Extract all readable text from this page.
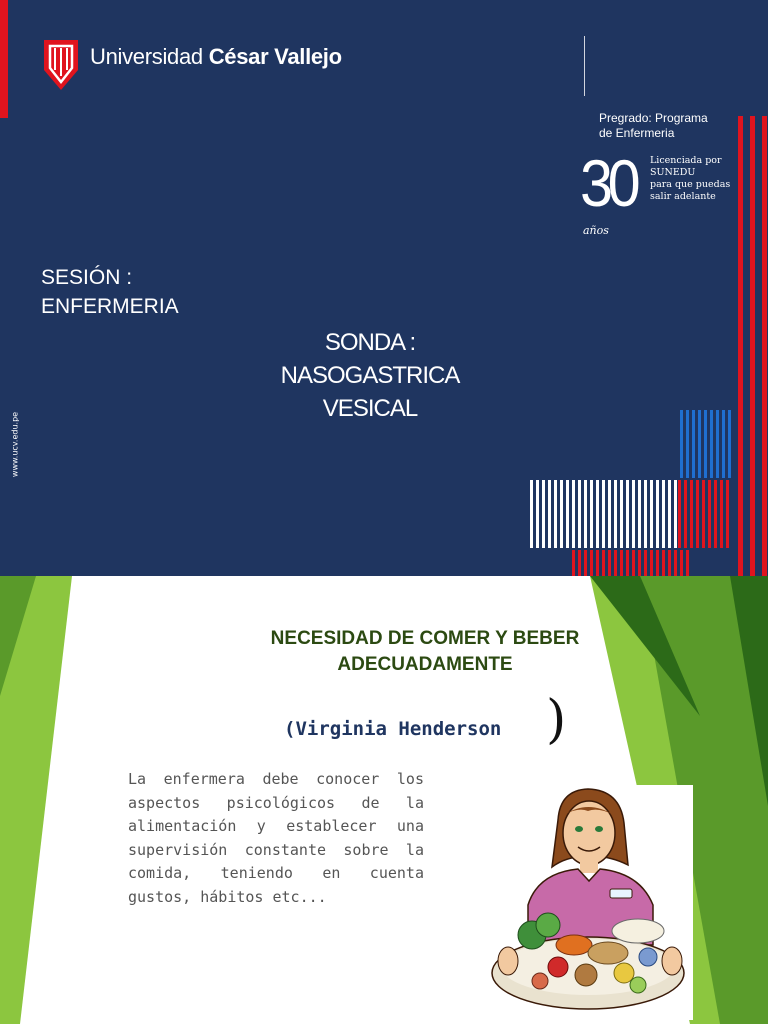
Universidad César Vallejo
Pregrado: Programa
de Enfermeria
30
años
Licenciada por
SUNEDU
para que puedas
salir adelante
SESIÓN :
ENFERMERIA
SONDA :
NASOGASTRICA
VESICAL
www.ucv.edu.pe
NECESIDAD DE COMER Y BEBER
ADECUADAMENTE
(Virginia Henderson )
La enfermera debe conocer los aspectos psicológicos de la alimentación y establecer una supervisión constante sobre la comida, teniendo en cuenta gustos, hábitos etc...
